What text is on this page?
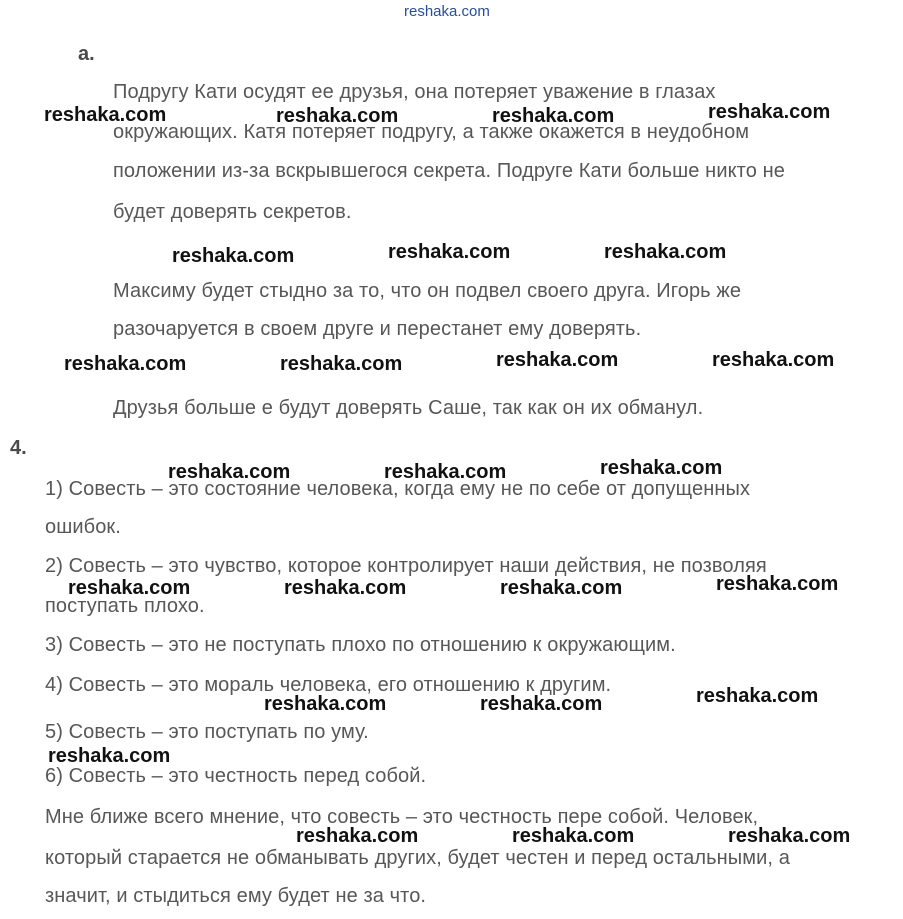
reshaka.com
а.
Подругу Кати осудят ее друзья, она потеряет уважение в глазах
окружающих. Катя потеряет подругу, а также окажется в неудобном
положении из-за вскрывшегося секрета. Подруге Кати больше никто не
будет доверять секретов.
Максиму будет стыдно за то, что он подвел своего друга. Игорь же
разочаруется в своем друге и перестанет ему доверять.
Друзья больше е будут доверять Саше, так как он их обманул.
4.
1) Совесть – это состояние человека, когда ему не по себе от допущенных
ошибок.
2) Совесть – это чувство, которое контролирует наши действия, не позволяя
поступать плохо.
3) Совесть – это не поступать плохо по отношению к окружающим.
4) Совесть – это мораль человека, его отношению к другим.
5) Совесть – это поступать по уму.
6) Совесть – это честность перед собой.
Мне ближе всего мнение, что совесть – это честность пере собой. Человек,
который старается не обманывать других, будет честен и перед остальными, а
значит, и стыдиться ему будет не за что.
reshaka.com	reshaka.com	reshaka.com	reshaka.com
reshaka.com	reshaka.com	reshaka.com
reshaka.com	reshaka.com	reshaka.com	reshaka.com
reshaka.com	reshaka.com	reshaka.com
reshaka.com	reshaka.com	reshaka.com	reshaka.com
reshaka.com	reshaka.com	reshaka.com
reshaka.com
reshaka.com	reshaka.com	reshaka.com
